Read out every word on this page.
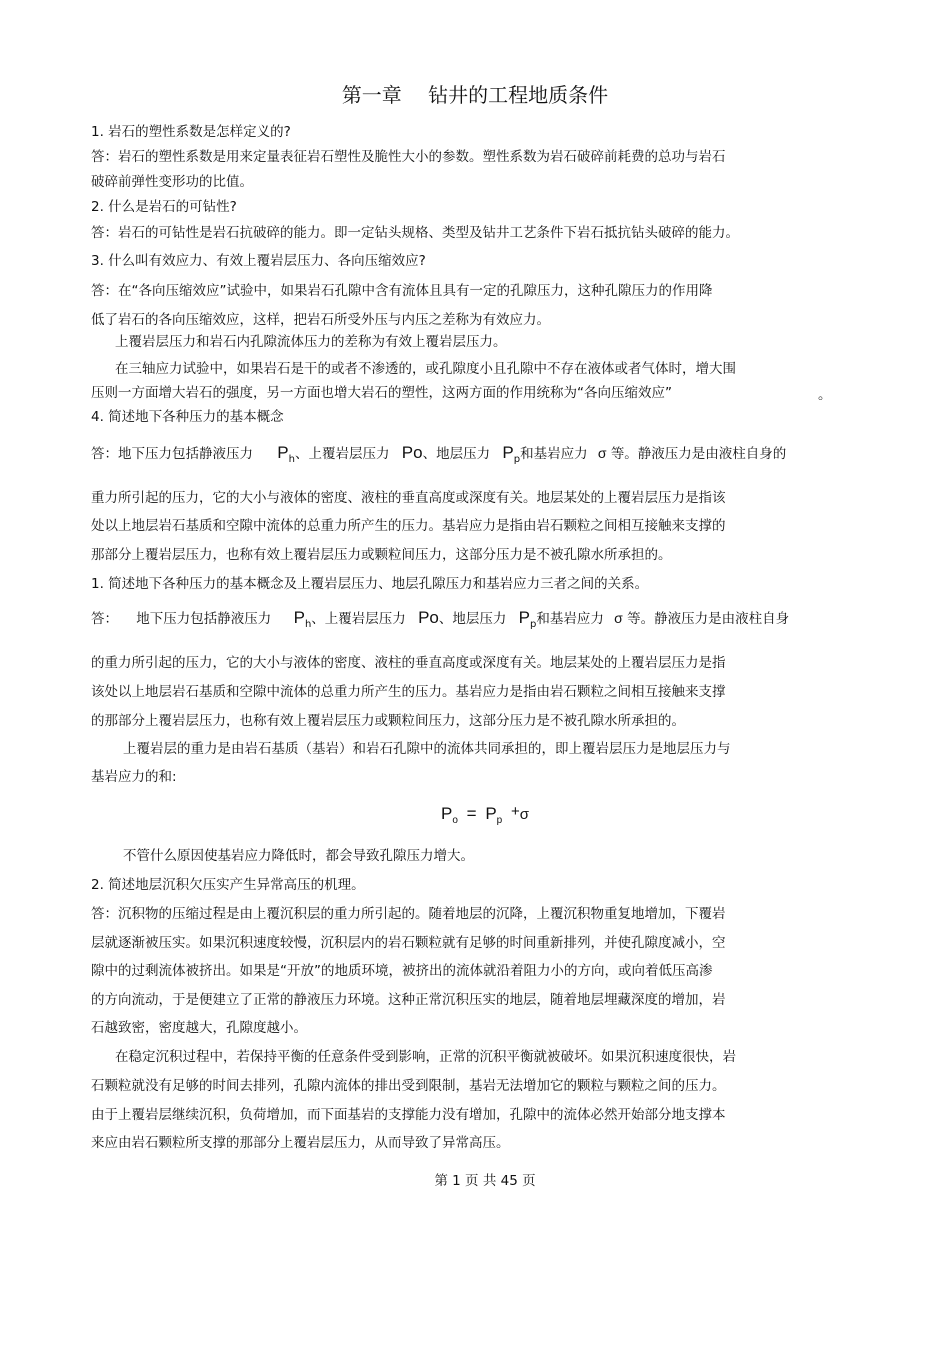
第一章　 钻井的工程地质条件
1. 岩石的塑性系数是怎样定义的?
答：岩石的塑性系数是用来定量表征岩石塑性及脆性大小的参数。塑性系数为岩石破碎前耗费的总功与岩石
破碎前弹性变形功的比值。
2. 什么是岩石的可钻性?
答：岩石的可钻性是岩石抗破碎的能力。即一定钻头规格、类型及钻井工艺条件下岩石抵抗钻头破碎的能力。
3. 什么叫有效应力、有效上覆岩层压力、各向压缩效应?
答：在“各向压缩效应”试验中，如果岩石孔隙中含有流体且具有一定的孔隙压力，这种孔隙压力的作用降
低了岩石的各向压缩效应，这样，把岩石所受外压与内压之差称为有效应力。
上覆岩层压力和岩石内孔隙流体压力的差称为有效上覆岩层压力。
在三轴应力试验中，如果岩石是干的或者不渗透的，或孔隙度小且孔隙中不存在液体或者气体时，增大围
压则一方面增大岩石的强度，另一方面也增大岩石的塑性，这两方面的作用统称为“各向压缩效应”	。
4. 简述地下各种压力的基本概念
答：地下压力包括静液压力 $P_h$、上覆岩层压力 Po、地层压力 $P_p$和基岩应力 σ 等。静液压力是由液柱自身的
重力所引起的压力，它的大小与液体的密度、液柱的垂直高度或深度有关。地层某处的上覆岩层压力是指该
处以上地层岩石基质和空隙中流体的总重力所产生的压力。基岩应力是指由岩石颗粒之间相互接触来支撑的
那部分上覆岩层压力，也称有效上覆岩层压力或颗粒间压力，这部分压力是不被孔隙水所承担的。
1. 简述地下各种压力的基本概念及上覆岩层压力、地层孔隙压力和基岩应力三者之间的关系。
答： 地下压力包括静液压力 $P_h$、上覆岩层压力 Po、地层压力 $P_p$和基岩应力 σ 等。静液压力是由液柱自身
的重力所引起的压力，它的大小与液体的密度、液柱的垂直高度或深度有关。地层某处的上覆岩层压力是指
该处以上地层岩石基质和空隙中流体的总重力所产生的压力。基岩应力是指由岩石颗粒之间相互接触来支撑
的那部分上覆岩层压力，也称有效上覆岩层压力或颗粒间压力，这部分压力是不被孔隙水所承担的。
上覆岩层的重力是由岩石基质（基岩）和岩石孔隙中的流体共同承担的，即上覆岩层压力是地层压力与
基岩应力的和:
$P_o = P_p +\sigma$
不管什么原因使基岩应力降低时，都会导致孔隙压力增大。
2. 简述地层沉积欠压实产生异常高压的机理。
答：沉积物的压缩过程是由上覆沉积层的重力所引起的。随着地层的沉降，上覆沉积物重复地增加，下覆岩
层就逐渐被压实。如果沉积速度较慢，沉积层内的岩石颗粒就有足够的时间重新排列，并使孔隙度减小，空
隙中的过剩流体被挤出。如果是“开放”的地质环境，被挤出的流体就沿着阻力小的方向，或向着低压高渗
的方向流动，于是便建立了正常的静液压力环境。这种正常沉积压实的地层，随着地层埋藏深度的增加，岩
石越致密，密度越大，孔隙度越小。
在稳定沉积过程中，若保持平衡的任意条件受到影响，正常的沉积平衡就被破坏。如果沉积速度很快，岩
石颗粒就没有足够的时间去排列，孔隙内流体的排出受到限制，基岩无法增加它的颗粒与颗粒之间的压力。
由于上覆岩层继续沉积，负荷增加，而下面基岩的支撑能力没有增加，孔隙中的流体必然开始部分地支撑本
来应由岩石颗粒所支撑的那部分上覆岩层压力，从而导致了异常高压。
第 1 页 共 45 页
